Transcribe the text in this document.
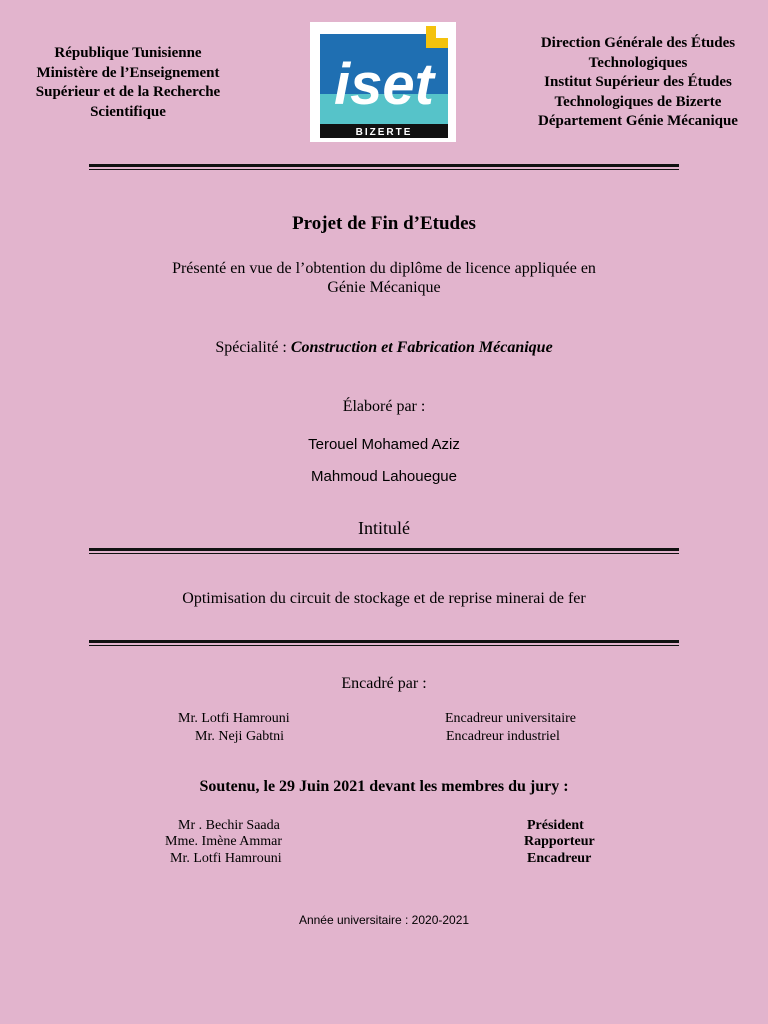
République Tunisienne
Ministère de l’Enseignement
Supérieur et de la Recherche
Scientifique	iset
BIZERTE
Direction Générale des Études
Technologiques
Institut Supérieur des Études
Technologiques de Bizerte
Département Génie Mécanique
Projet de Fin d’Etudes
Présenté en vue de l’obtention du diplôme de licence appliquée en
Génie Mécanique
Spécialité : Construction et Fabrication Mécanique
Élaboré par :
Terouel Mohamed Aziz
Mahmoud Lahouegue
Intitulé
Optimisation du circuit de stockage et de reprise minerai de fer
Encadré par :
Mr. Lotfi Hamrouni	Encadreur universitaire
Mr. Neji Gabtni	Encadreur industriel
Soutenu, le 29 Juin 2021 devant les membres du jury :
Mr . Bechir Saada	Président
Mme. Imène Ammar	Rapporteur
Mr. Lotfi Hamrouni	Encadreur
Année universitaire : 2020-2021
